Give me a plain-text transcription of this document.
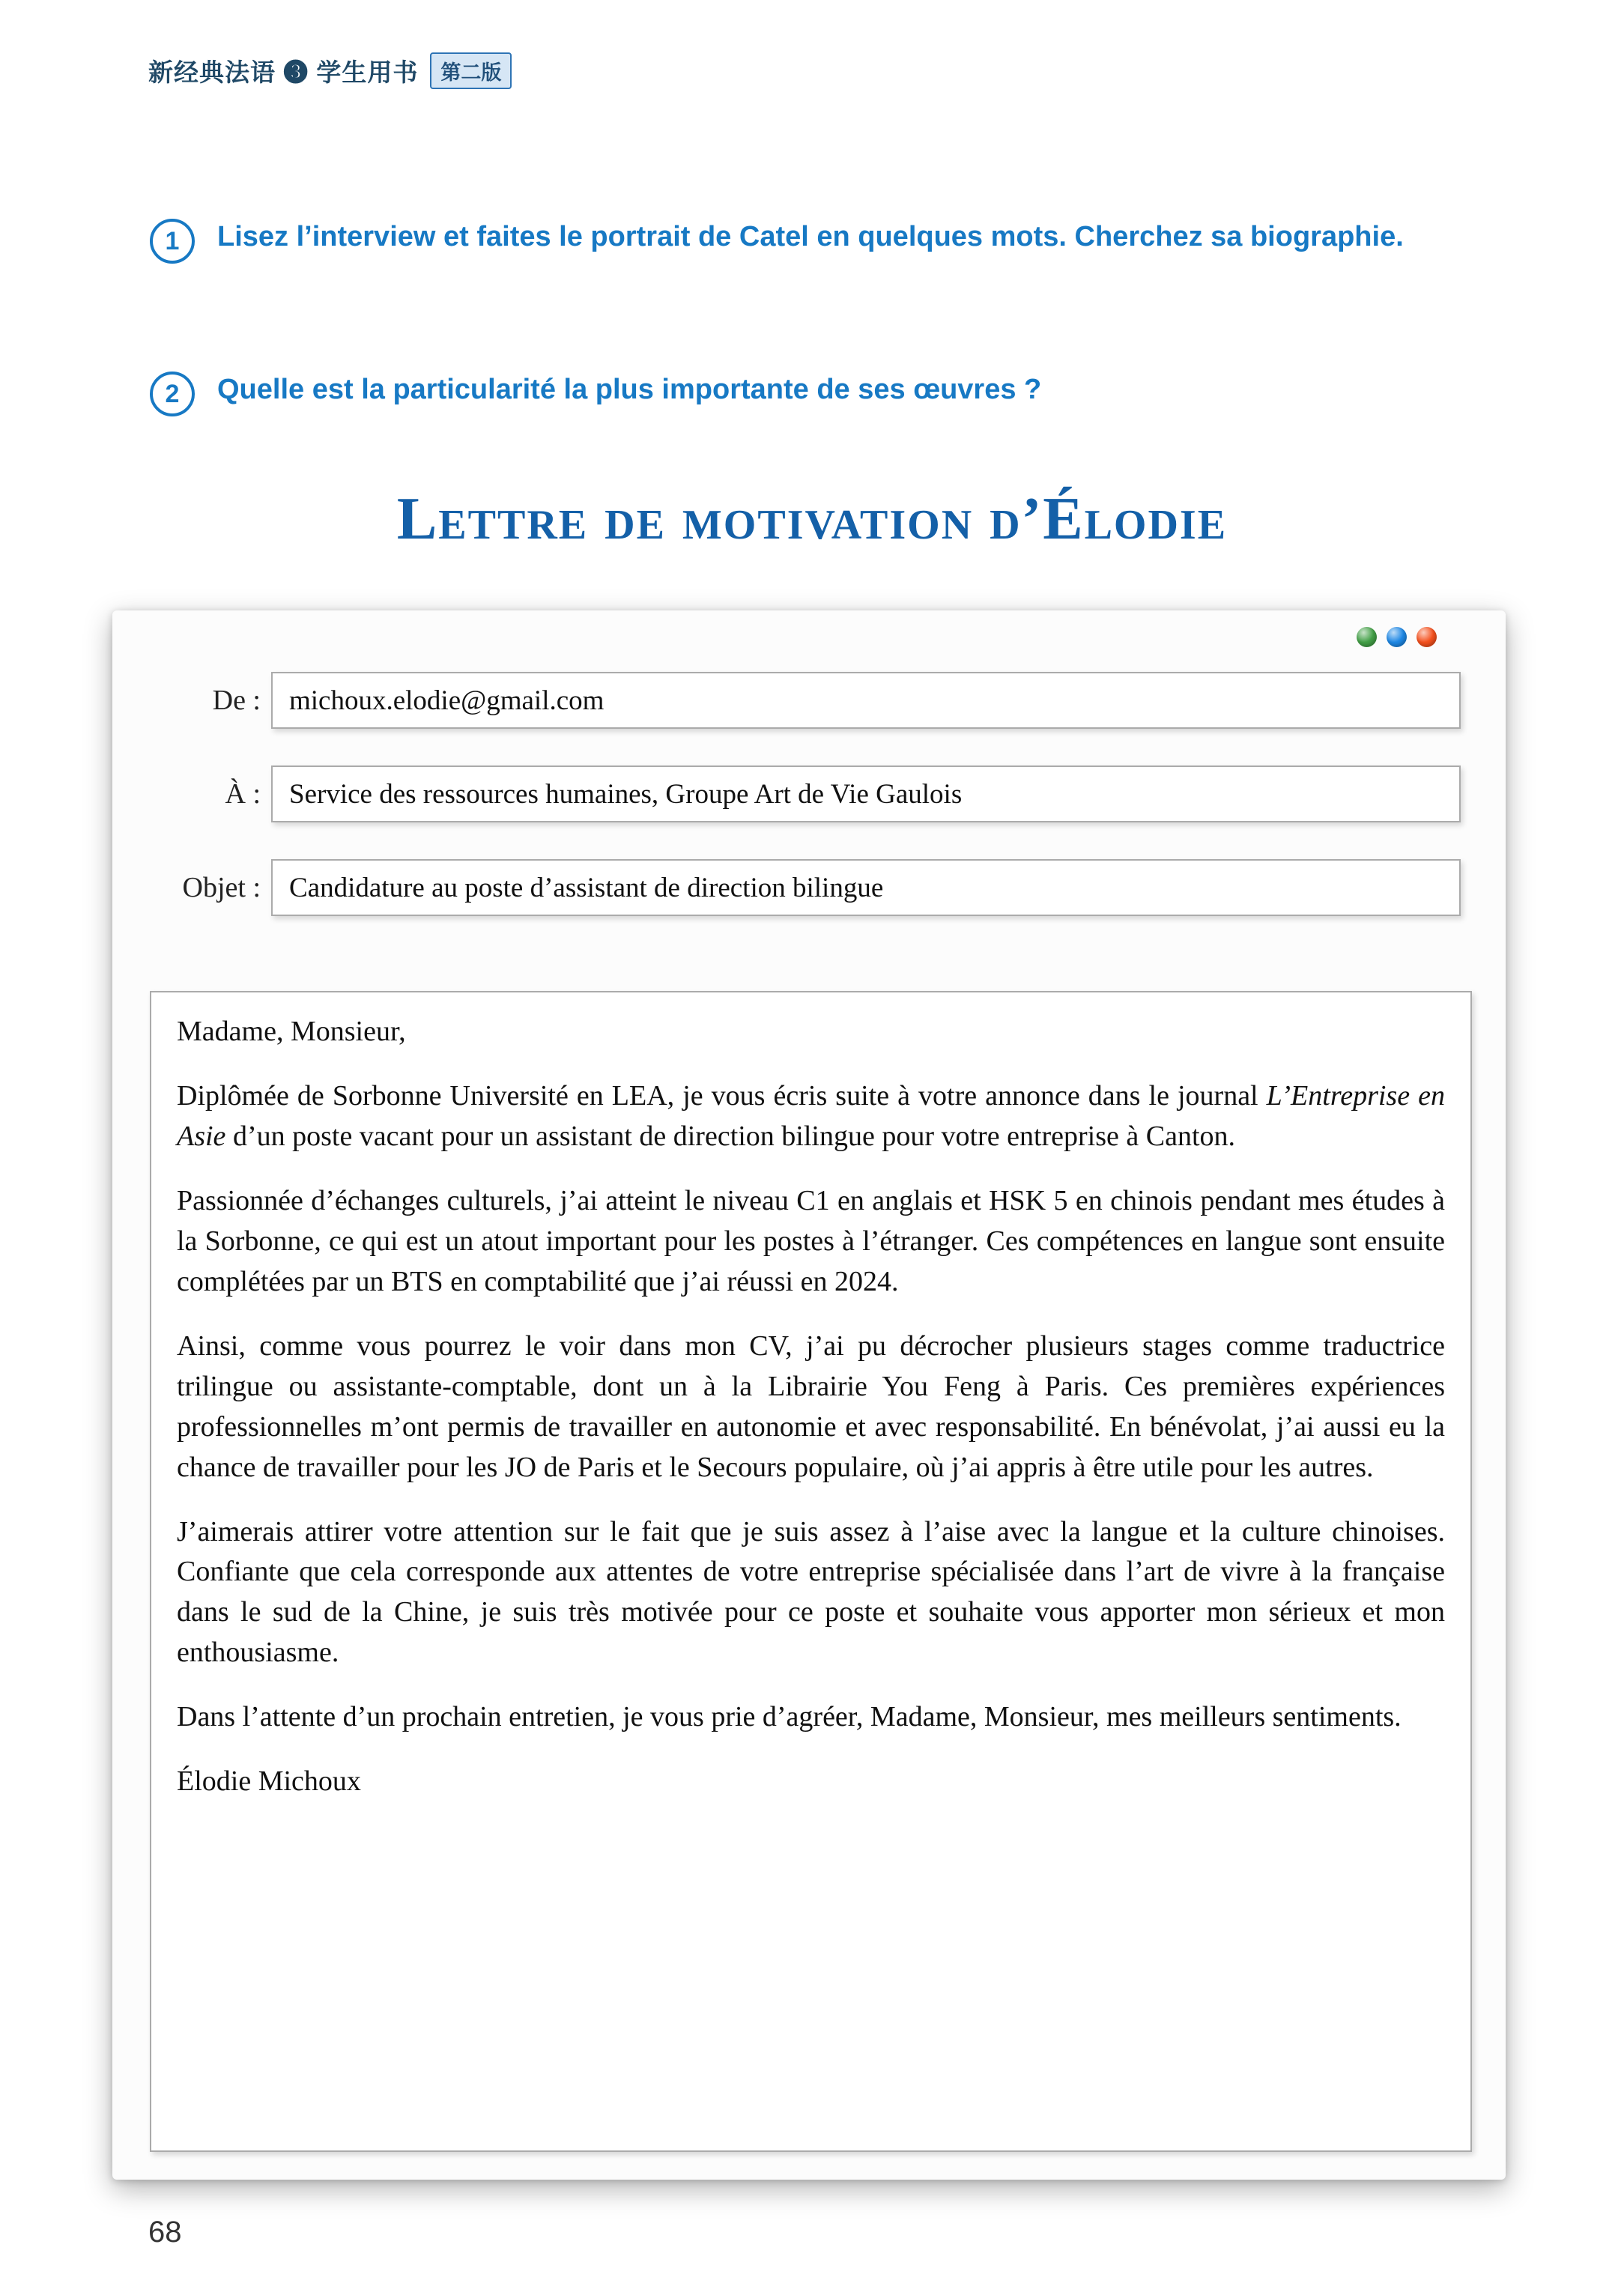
新经典法语 ❸ 学生用书	第二版
1	Lisez l’interview et faites le portrait de Catel en quelques mots. Cherchez sa biographie.
2	Quelle est la particularité la plus importante de ses œuvres ?
Lettre de motivation d’Élodie
De :	michoux.elodie@gmail.com
À :	Service des ressources humaines, Groupe Art de Vie Gaulois
Objet :	Candidature au poste d’assistant de direction bilingue

Madame, Monsieur,

Diplômée de Sorbonne Université en LEA, je vous écris suite à votre annonce dans le journal L’Entreprise en Asie d’un poste vacant pour un assistant de direction bilingue pour votre entreprise à Canton.

Passionnée d’échanges culturels, j’ai atteint le niveau C1 en anglais et HSK 5 en chinois pendant mes études à la Sorbonne, ce qui est un atout important pour les postes à l’étranger. Ces compétences en langue sont ensuite complétées par un BTS en comptabilité que j’ai réussi en 2024.

Ainsi, comme vous pourrez le voir dans mon CV, j’ai pu décrocher plusieurs stages comme traductrice trilingue ou assistante-comptable, dont un à la Librairie You Feng à Paris. Ces premières expériences professionnelles m’ont permis de travailler en autonomie et avec responsabilité. En bénévolat, j’ai aussi eu la chance de travailler pour les JO de Paris et le Secours populaire, où j’ai appris à être utile pour les autres.

J’aimerais attirer votre attention sur le fait que je suis assez à l’aise avec la langue et la culture chinoises. Confiante que cela corresponde aux attentes de votre entreprise spécialisée dans l’art de vivre à la française dans le sud de la Chine, je suis très motivée pour ce poste et souhaite vous apporter mon sérieux et mon enthousiasme.

Dans l’attente d’un prochain entretien, je vous prie d’agréer, Madame, Monsieur, mes meilleurs sentiments.

Élodie Michoux

68
